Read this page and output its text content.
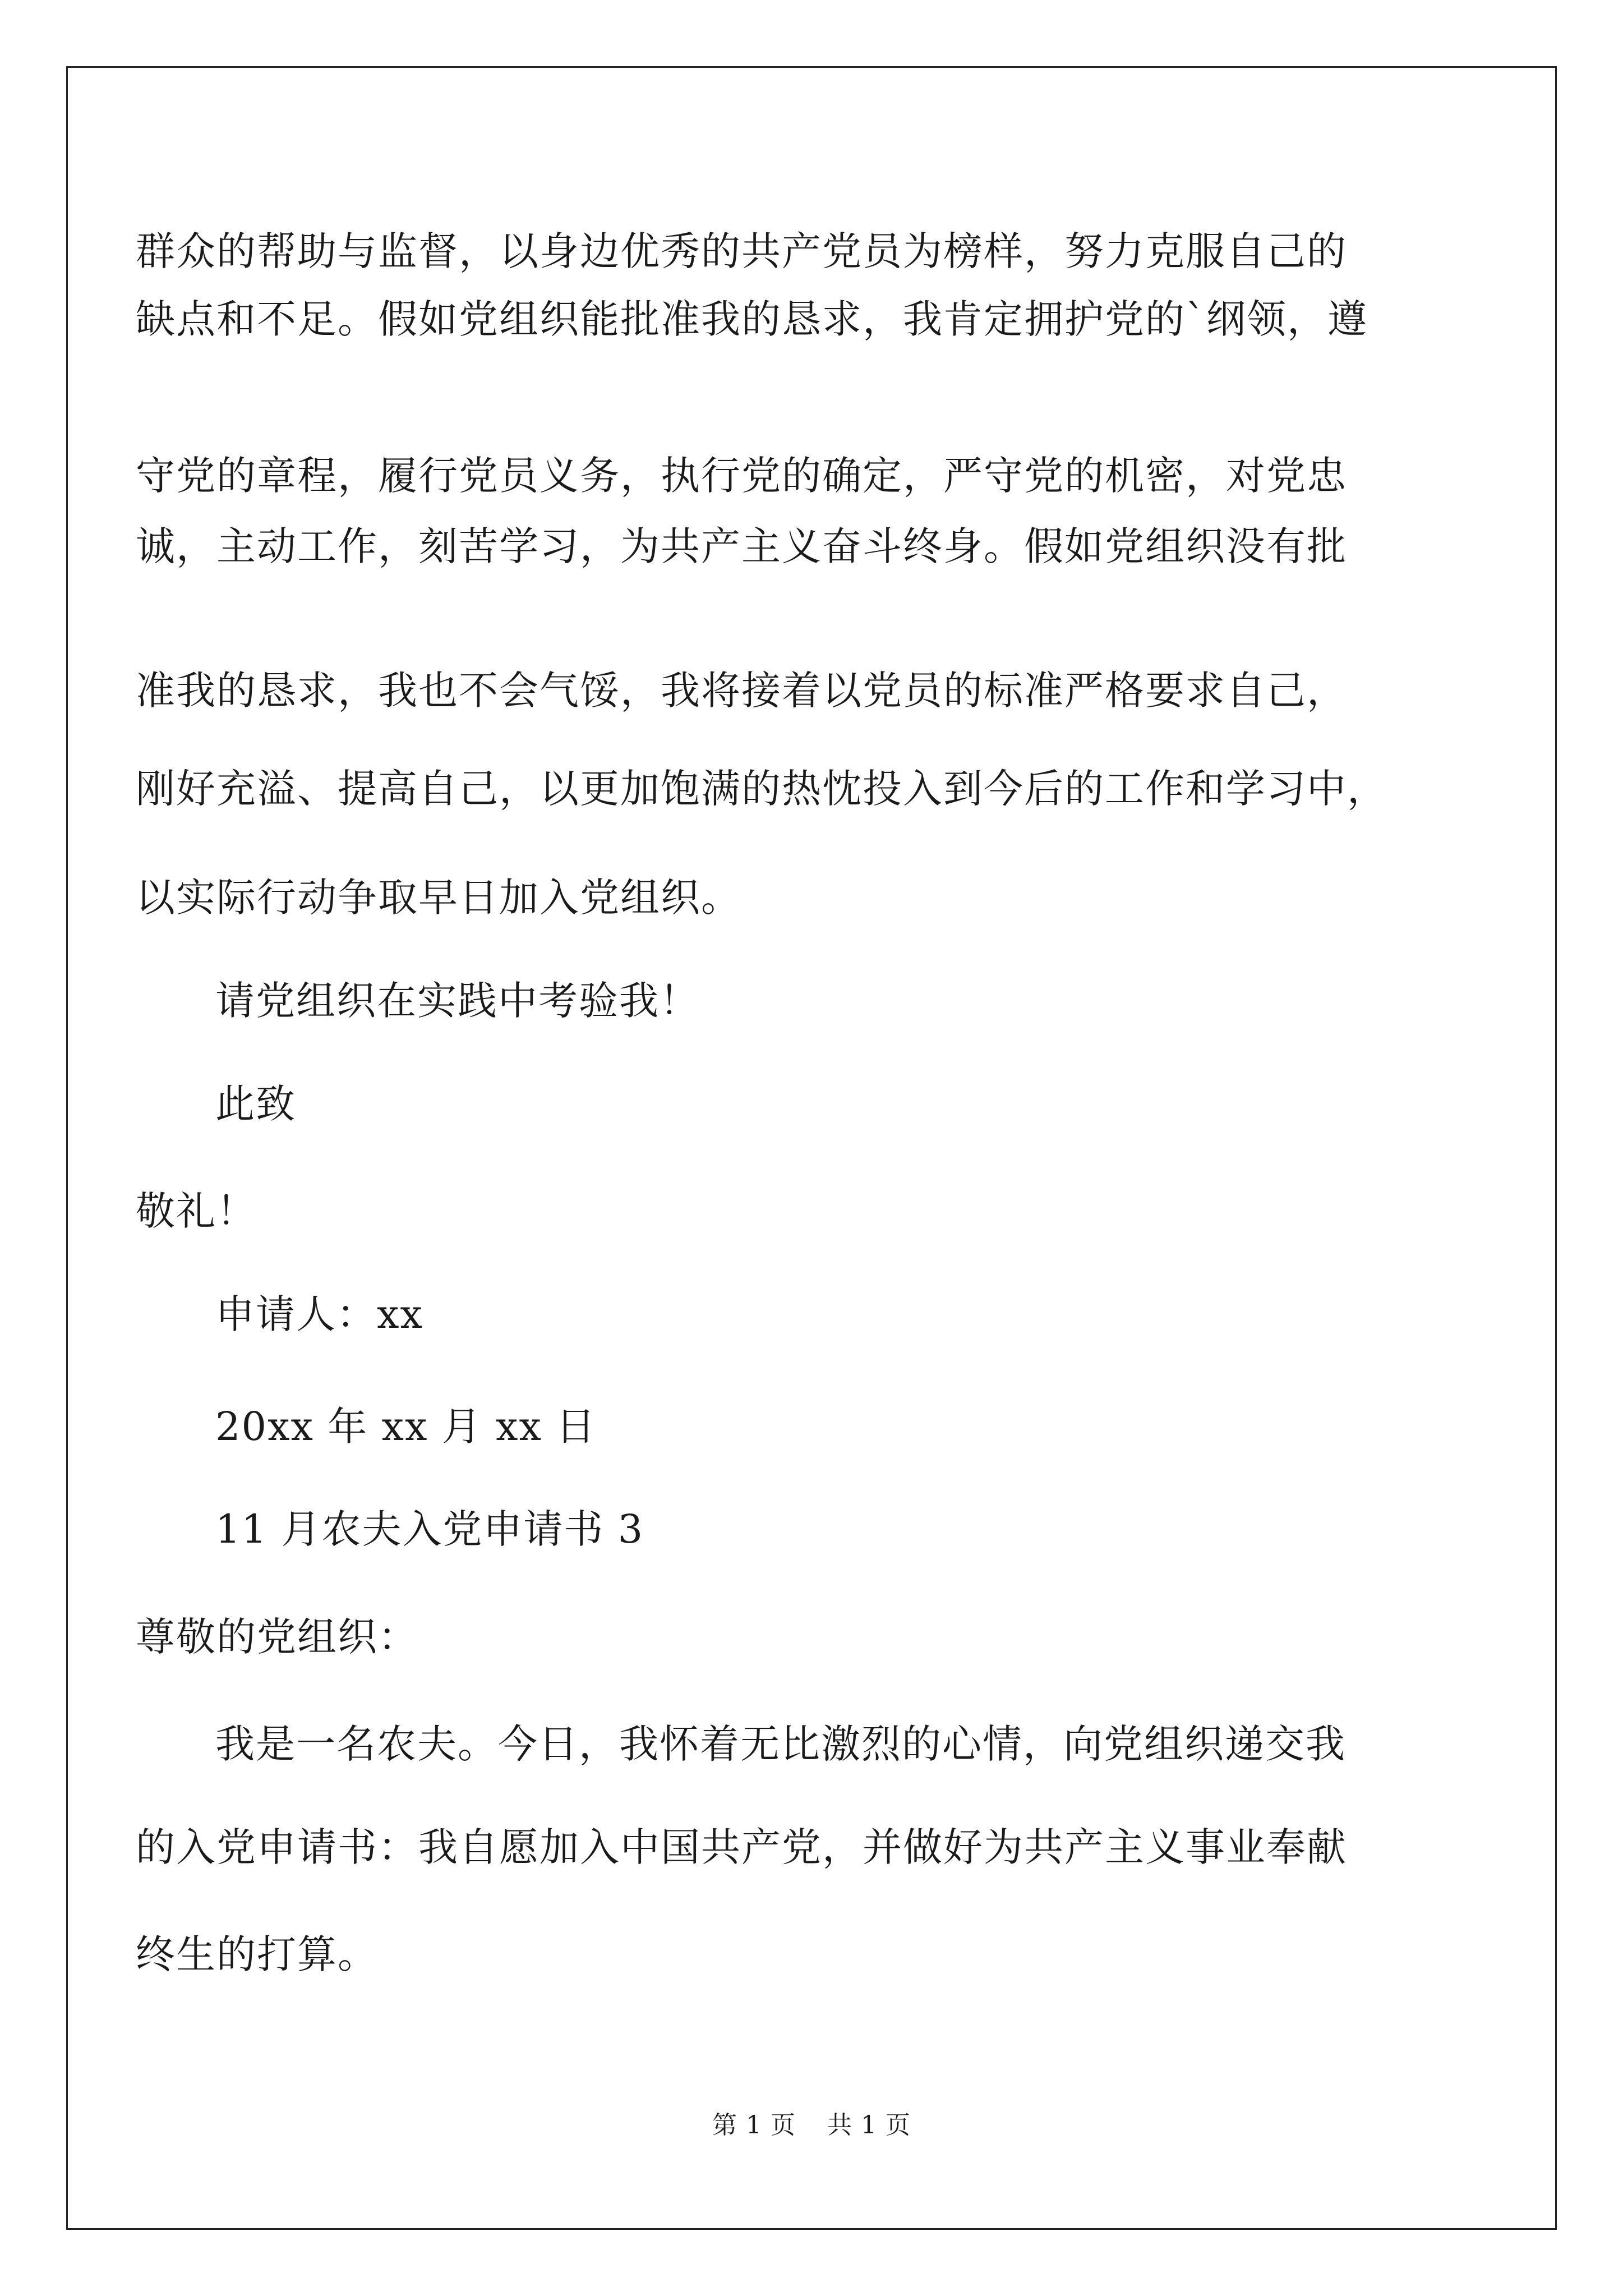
群众的帮助与监督，以身边优秀的共产党员为榜样，努力克服自己的
缺点和不足。假如党组织能批准我的恳求，我肯定拥护党的`纲领，遵
守党的章程，履行党员义务，执行党的确定，严守党的机密，对党忠
诚，主动工作，刻苦学习，为共产主义奋斗终身。假如党组织没有批
准我的恳求，我也不会气馁，我将接着以党员的标准严格要求自己，
刚好充溢、提高自己，以更加饱满的热忱投入到今后的工作和学习中，
以实际行动争取早日加入党组织。
请党组织在实践中考验我！
此致
敬礼！
申请人：xx
20xx 年 xx 月 xx 日
11 月农夫入党申请书 3
尊敬的党组织：
我是一名农夫。今日，我怀着无比激烈的心情，向党组织递交我
的入党申请书：我自愿加入中国共产党，并做好为共产主义事业奉献
终生的打算。
第 1 页 共 1 页
